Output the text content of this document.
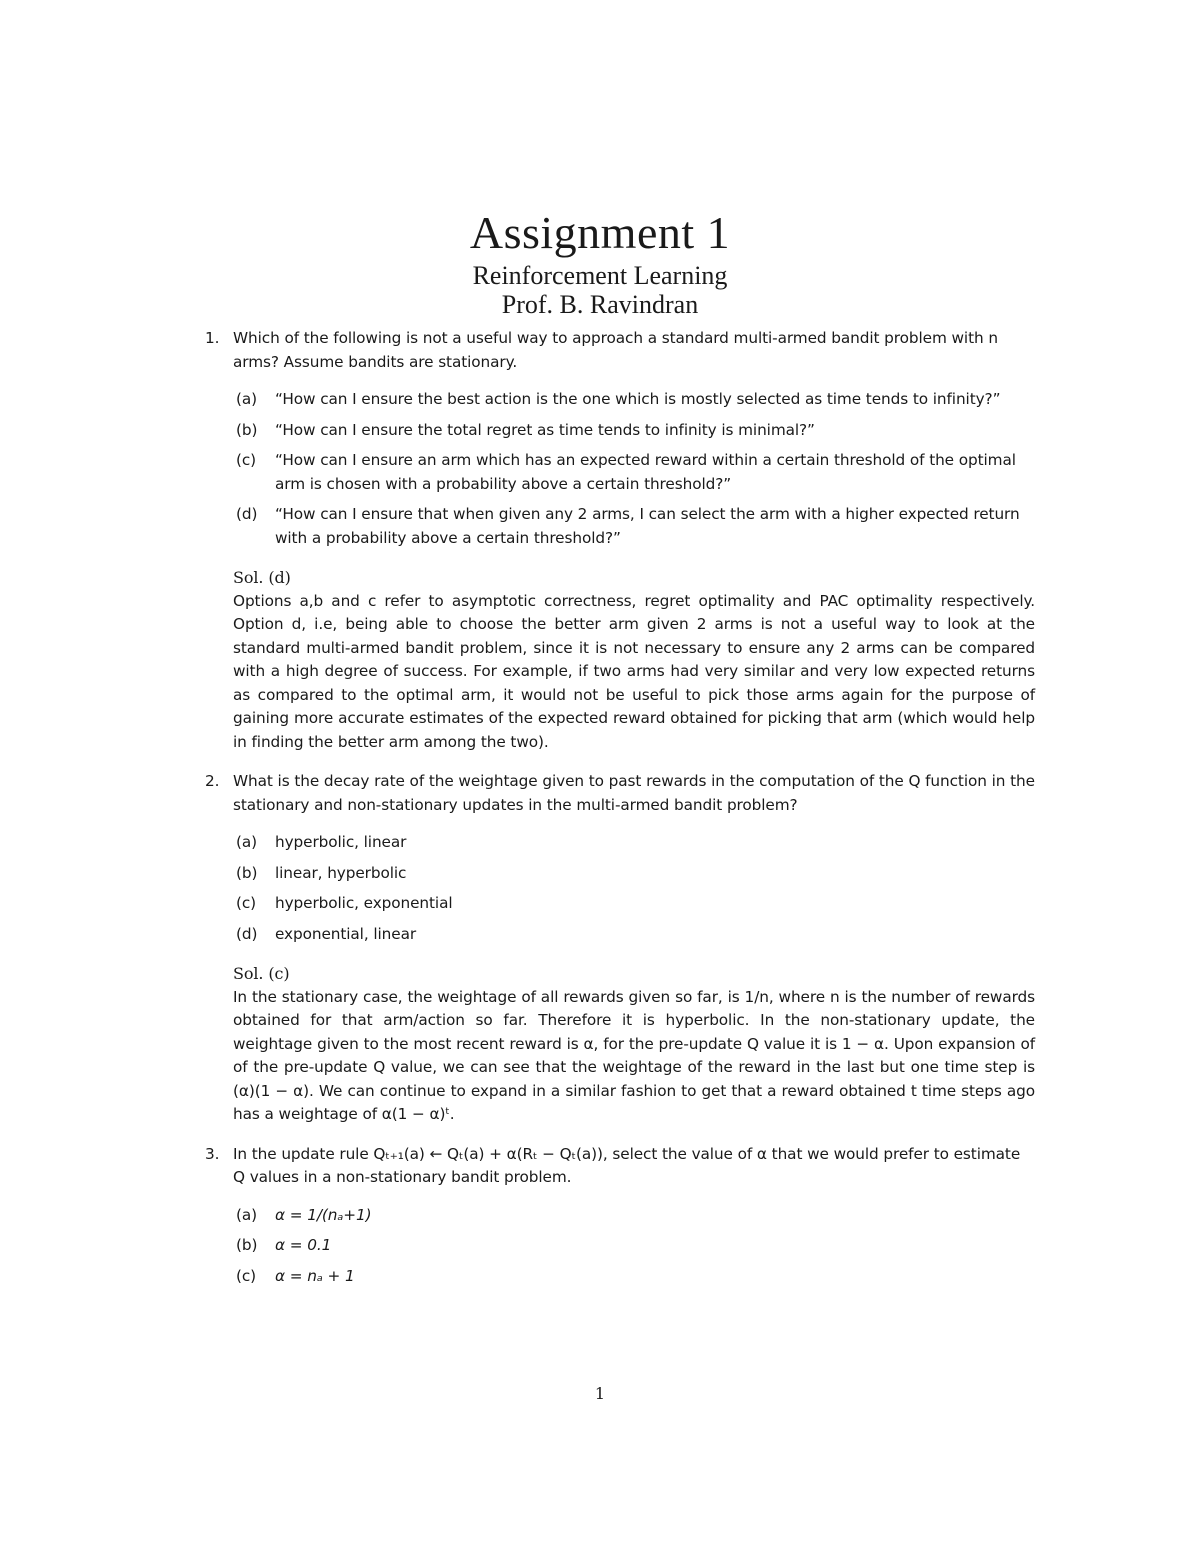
Assignment 1
Reinforcement Learning
Prof. B. Ravindran
1. Which of the following is not a useful way to approach a standard multi-armed bandit problem with n arms? Assume bandits are stationary.
(a) “How can I ensure the best action is the one which is mostly selected as time tends to infinity?”
(b) “How can I ensure the total regret as time tends to infinity is minimal?”
(c) “How can I ensure an arm which has an expected reward within a certain threshold of the optimal arm is chosen with a probability above a certain threshold?”
(d) “How can I ensure that when given any 2 arms, I can select the arm with a higher expected return with a probability above a certain threshold?”
Sol. (d)
Options a,b and c refer to asymptotic correctness, regret optimality and PAC optimality respectively. Option d, i.e, being able to choose the better arm given 2 arms is not a useful way to look at the standard multi-armed bandit problem, since it is not necessary to ensure any 2 arms can be compared with a high degree of success. For example, if two arms had very similar and very low expected returns as compared to the optimal arm, it would not be useful to pick those arms again for the purpose of gaining more accurate estimates of the expected reward obtained for picking that arm (which would help in finding the better arm among the two).
2. What is the decay rate of the weightage given to past rewards in the computation of the Q function in the stationary and non-stationary updates in the multi-armed bandit problem?
(a) hyperbolic, linear
(b) linear, hyperbolic
(c) hyperbolic, exponential
(d) exponential, linear
Sol. (c)
In the stationary case, the weightage of all rewards given so far, is 1/n, where n is the number of rewards obtained for that arm/action so far. Therefore it is hyperbolic. In the non-stationary update, the weightage given to the most recent reward is α, for the pre-update Q value it is 1 − α. Upon expansion of of the pre-update Q value, we can see that the weightage of the reward in the last but one time step is (α)(1 − α). We can continue to expand in a similar fashion to get that a reward obtained t time steps ago has a weightage of α(1 − α)ᵗ.
3. In the update rule Qₜ₊₁(a) ← Qₜ(a) + α(Rₜ − Qₜ(a)), select the value of α that we would prefer to estimate Q values in a non-stationary bandit problem.
(a) α = 1/(nₐ+1)
(b) α = 0.1
(c) α = nₐ + 1
1
